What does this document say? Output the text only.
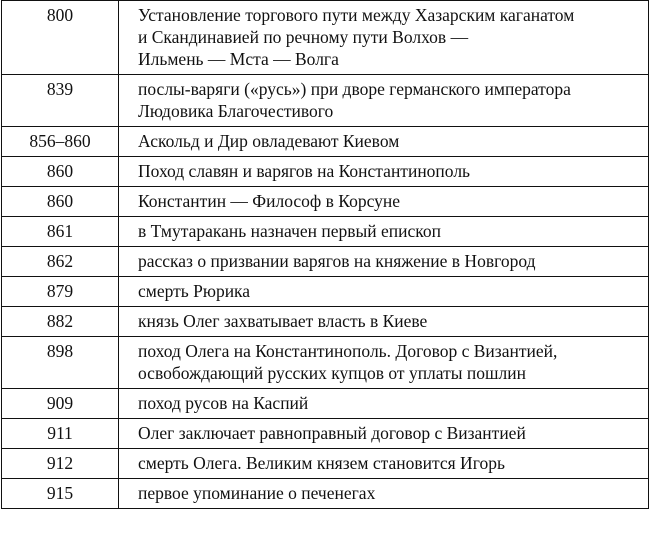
800	Установление торгового пути между Хазарским каганатом
и Скандинавией по речному пути Волхов —
Ильмень — Мста — Волга

839	послы-варяги («русь») при дворе германского императора
Людовика Благочестивого

856–860	Аскольд и Дир овладевают Киевом

860	Поход славян и варягов на Константинополь

860	Константин — Философ в Корсуне

861	в Тмутаракань назначен первый епископ

862	рассказ о призвании варягов на княжение в Новгород

879	смерть Рюрика

882	князь Олег захватывает власть в Киеве

898	поход Олега на Константинополь. Договор с Византией,
освобождающий русских купцов от уплаты пошлин

909	поход русов на Каспий

911	Олег заключает равноправный договор с Византией

912	смерть Олега. Великим князем становится Игорь

915	первое упоминание о печенегах
